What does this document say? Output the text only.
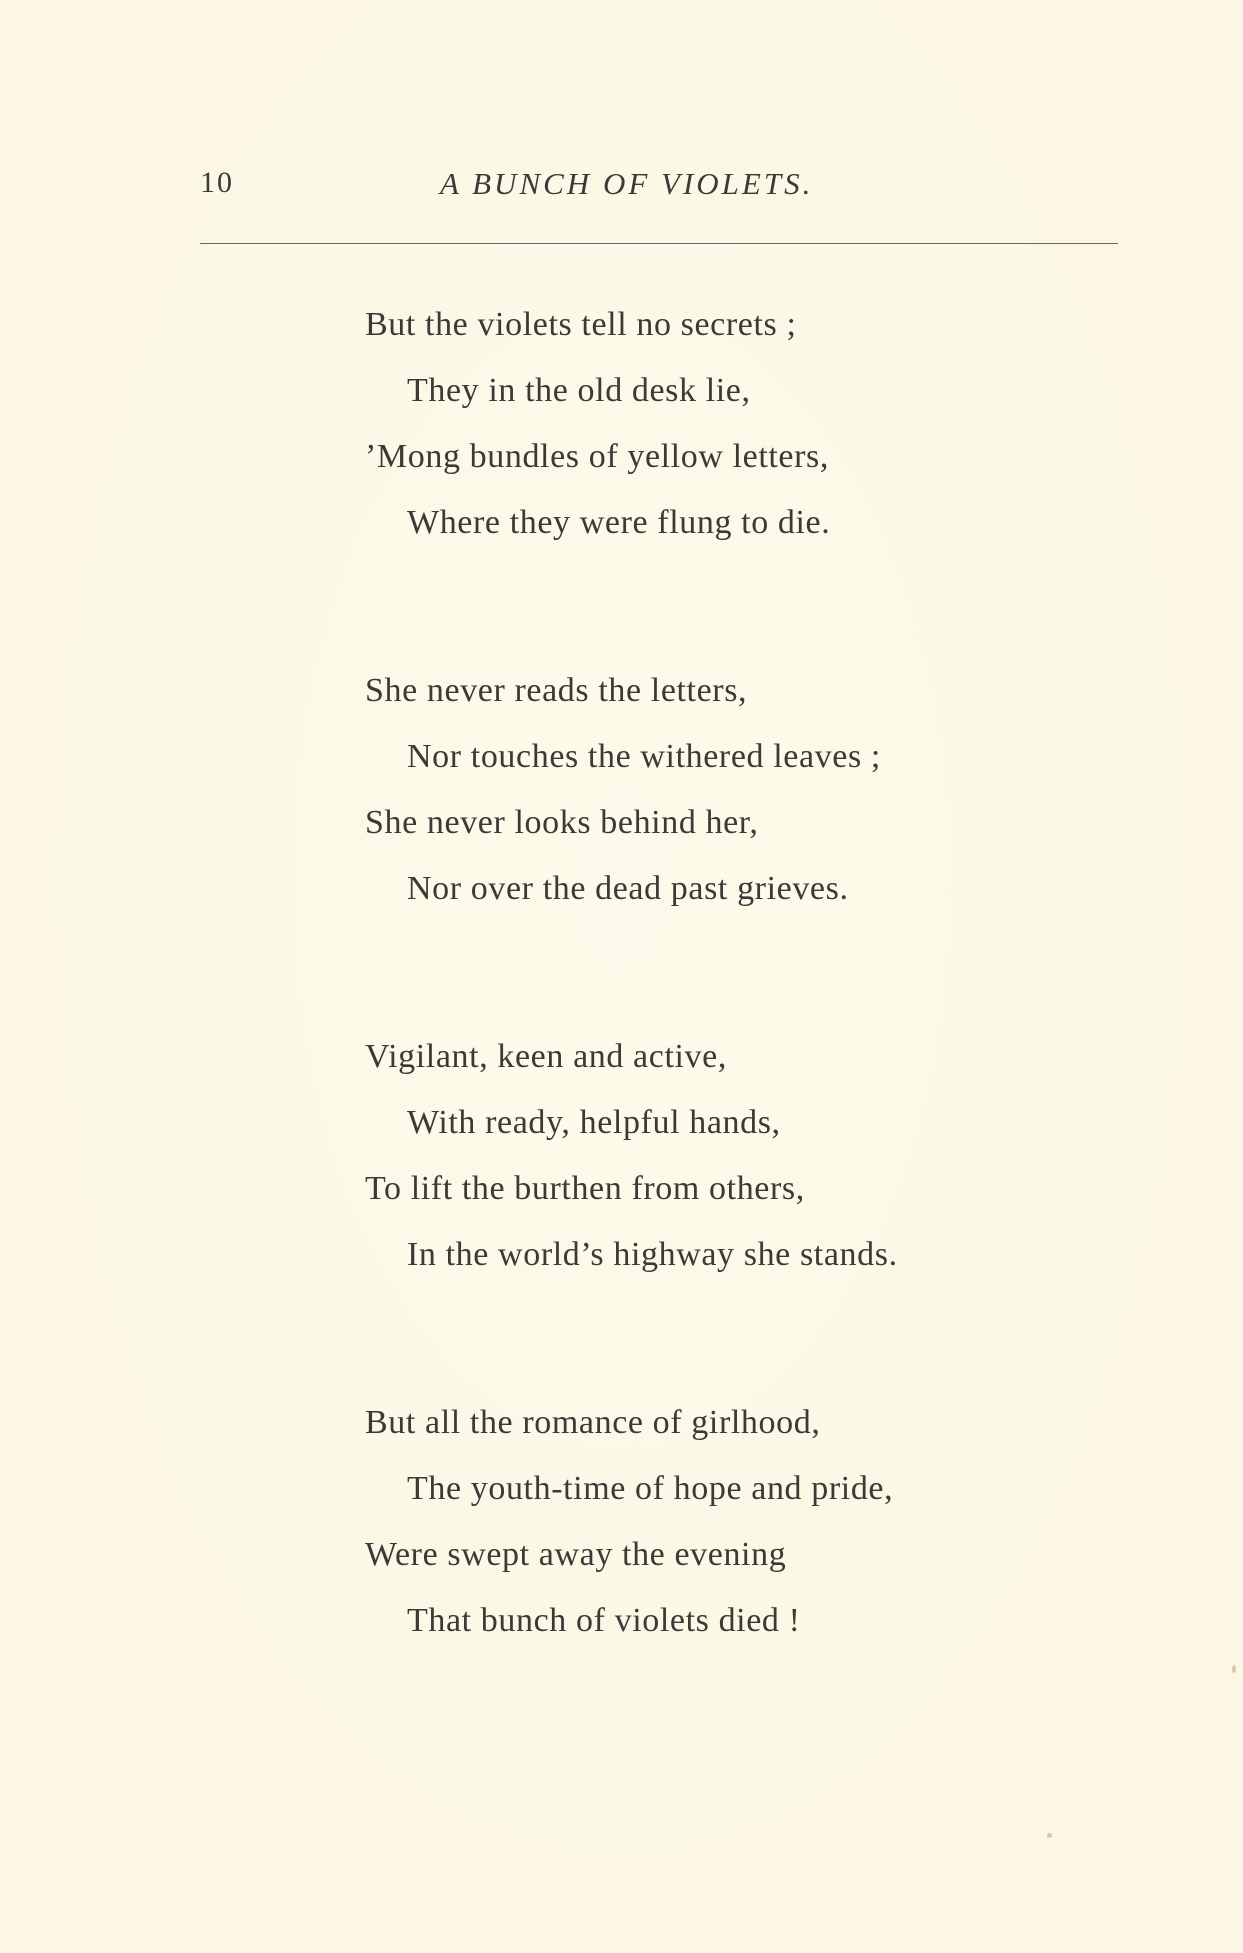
10	A BUNCH OF VIOLETS.
But the violets tell no secrets ;
They in the old desk lie,
’Mong bundles of yellow letters,
Where they were flung to die.
She never reads the letters,
Nor touches the withered leaves ;
She never looks behind her,
Nor over the dead past grieves.
Vigilant, keen and active,
With ready, helpful hands,
To lift the burthen from others,
In the world’s highway she stands.
But all the romance of girlhood,
The youth-time of hope and pride,
Were swept away the evening
That bunch of violets died !
